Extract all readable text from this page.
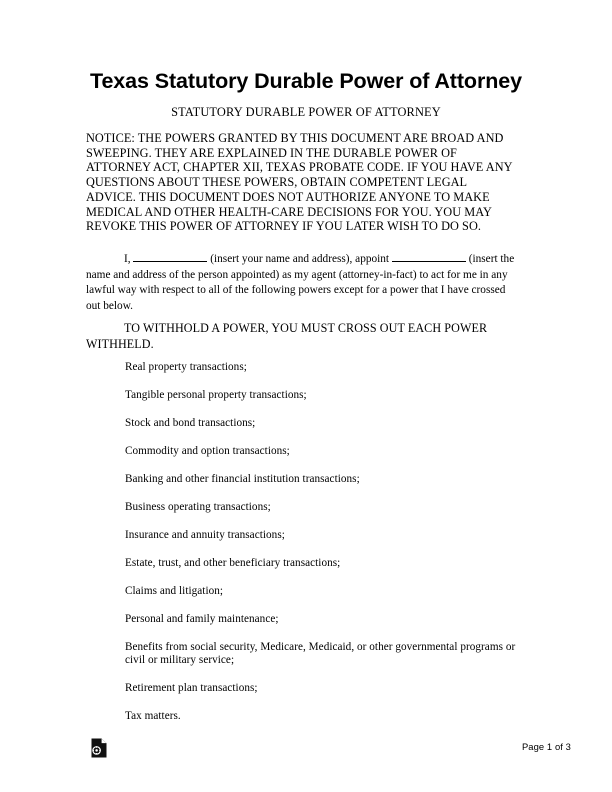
Texas Statutory Durable Power of Attorney
STATUTORY DURABLE POWER OF ATTORNEY
NOTICE: THE POWERS GRANTED BY THIS DOCUMENT ARE BROAD AND SWEEPING. THEY ARE EXPLAINED IN THE DURABLE POWER OF ATTORNEY ACT, CHAPTER XII, TEXAS PROBATE CODE. IF YOU HAVE ANY QUESTIONS ABOUT THESE POWERS, OBTAIN COMPETENT LEGAL ADVICE. THIS DOCUMENT DOES NOT AUTHORIZE ANYONE TO MAKE MEDICAL AND OTHER HEALTH-CARE DECISIONS FOR YOU. YOU MAY REVOKE THIS POWER OF ATTORNEY IF YOU LATER WISH TO DO SO.
I,	(insert your name and address), appoint	(insert the name and address of the person appointed) as my agent (attorney-in-fact) to act for me in any lawful way with respect to all of the following powers except for a power that I have crossed out below.
TO WITHHOLD A POWER, YOU MUST CROSS OUT EACH POWER WITHHELD.
Real property transactions;
Tangible personal property transactions;
Stock and bond transactions;
Commodity and option transactions;
Banking and other financial institution transactions;
Business operating transactions;
Insurance and annuity transactions;
Estate, trust, and other beneficiary transactions;
Claims and litigation;
Personal and family maintenance;
Benefits from social security, Medicare, Medicaid, or other governmental programs or civil or military service;
Retirement plan transactions;
Tax matters.
Page 1 of 3
